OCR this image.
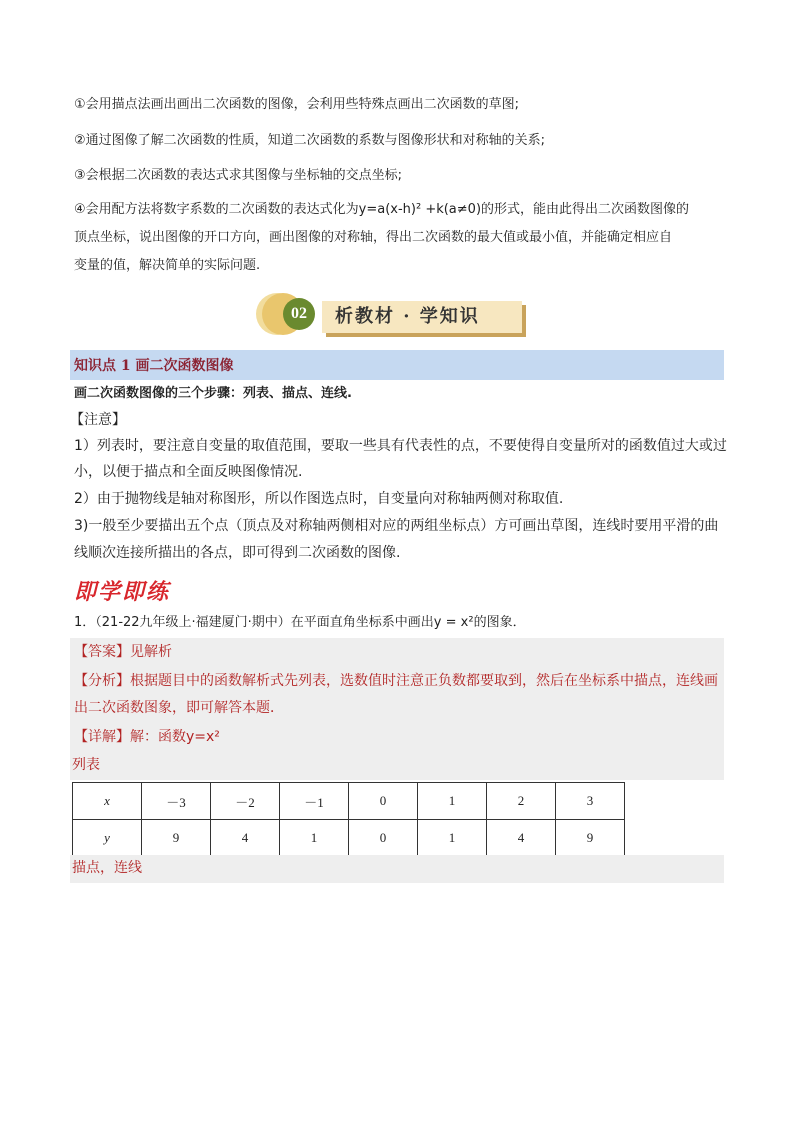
①会用描点法画出画出二次函数的图像，会利用些特殊点画出二次函数的草图;
②通过图像了解二次函数的性质，知道二次函数的系数与图像形状和对称轴的关系;
③会根据二次函数的表达式求其图像与坐标轴的交点坐标;
④会用配方法将数字系数的二次函数的表达式化为y=a(x-h)² +k(a≠0)的形式，能由此得出二次函数图像的
顶点坐标，说出图像的开口方向，画出图像的对称轴，得出二次函数的最大值或最小值，并能确定相应自
变量的值，解决简单的实际问题.
02	析教材 · 学知识
知识点 1 画二次函数图像
画二次函数图像的三个步骤：列表、描点、连线.
【注意】
1）列表时，要注意自变量的取值范围，要取一些具有代表性的点，不要使得自变量所对的函数值过大或过
小，以便于描点和全面反映图像情况.
2）由于抛物线是轴对称图形，所以作图选点时，自变量向对称轴两侧对称取值.
3)一般至少要描出五个点（顶点及对称轴两侧相对应的两组坐标点）方可画出草图，连线时要用平滑的曲
线顺次连接所描出的各点，即可得到二次函数的图像.
即学即练
1．（21-22九年级上·福建厦门·期中）在平面直角坐标系中画出y = x²的图象．
【答案】见解析
【分析】根据题目中的函数解析式先列表，选数值时注意正负数都要取到，然后在坐标系中描点，连线画
出二次函数图象，即可解答本题．
【详解】解：函数y=x²
列表
x	－3	－2	－1	0	1	2	3
y	9	4	1	0	1	4	9
描点，连线
